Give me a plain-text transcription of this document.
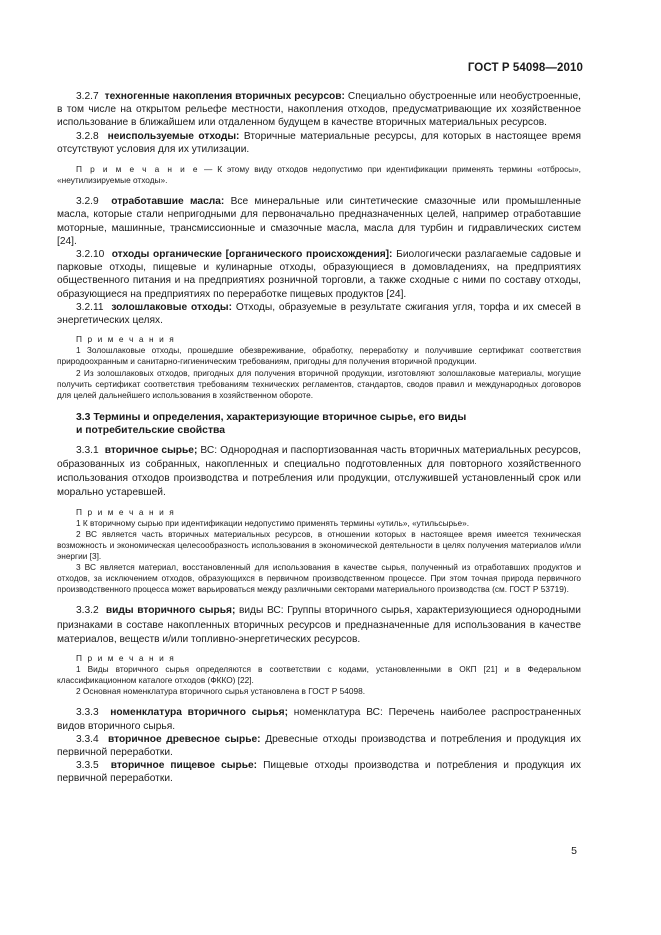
ГОСТ Р 54098—2010

3.2.7 техногенные накопления вторичных ресурсов: Специально обустроенные или необустроенные, в том числе на открытом рельефе местности, накопления отходов, предусматривающие их хозяйственное использование в ближайшем или отдаленном будущем в качестве вторичных материальных ресурсов.

3.2.8 неиспользуемые отходы: Вторичные материальные ресурсы, для которых в настоящее время отсутствуют условия для их утилизации.

П р и м е ч а н и е — К этому виду отходов недопустимо при идентификации применять термины «отбросы», «неутилизируемые отходы».

3.2.9 отработавшие масла: Все минеральные или синтетические смазочные или промышленные масла, которые стали непригодными для первоначально предназначенных целей, например отработавшие моторные, машинные, трансмиссионные и смазочные масла, масла для турбин и гидравлических систем [24].

3.2.10 отходы органические [органического происхождения]: Биологически разлагаемые садовые и парковые отходы, пищевые и кулинарные отходы, образующиеся в домовладениях, на предприятиях общественного питания и на предприятиях розничной торговли, а также сходные с ними по составу отходы, образующиеся на предприятиях по переработке пищевых продуктов [24].

3.2.11 золошлаковые отходы: Отходы, образуемые в результате сжигания угля, торфа и их смесей в энергетических целях.

П р и м е ч а н и я

1 Золошлаковые отходы, прошедшие обезвреживание, обработку, переработку и получившие сертификат соответствия природоохранным и санитарно-гигиеническим требованиям, пригодны для получения вторичной продукции.

2 Из золошлаковых отходов, пригодных для получения вторичной продукции, изготовляют золошлаковые материалы, могущие получить сертификат соответствия требованиям технических регламентов, стандартов, сводов правил и международных договоров для целей дальнейшего использования в хозяйственном обороте.

3.3 Термины и определения, характеризующие вторичное сырье, его виды
и потребительские свойства

3.3.1 вторичное сырье; ВС: Однородная и паспортизованная часть вторичных материальных ресурсов, образованных из собранных, накопленных и специально подготовленных для повторного хозяйственного использования отходов производства и потребления или продукции, отслужившей установленный срок или морально устаревшей.

П р и м е ч а н и я

1 К вторичному сырью при идентификации недопустимо применять термины «утиль», «утильсырье».

2 ВС является часть вторичных материальных ресурсов, в отношении которых в настоящее время имеется техническая возможность и экономическая целесообразность использования в экономической деятельности в целях получения материалов и/или энергии [3].

3 ВС является материал, восстановленный для использования в качестве сырья, полученный из отработавших продуктов и отходов, за исключением отходов, образующихся в первичном производственном процессе. При этом точная природа первичного производственного процесса может варьироваться между различными секторами материального производства (см. ГОСТ Р 53719).

3.3.2 виды вторичного сырья; виды ВС: Группы вторичного сырья, характеризующиеся однородными признаками в составе накопленных вторичных ресурсов и предназначенные для использования в качестве материалов, веществ и/или топливно-энергетических ресурсов.

П р и м е ч а н и я

1 Виды вторичного сырья определяются в соответствии с кодами, установленными в ОКП [21] и в Федеральном классификационном каталоге отходов (ФККО) [22].

2 Основная номенклатура вторичного сырья установлена в ГОСТ Р 54098.

3.3.3 номенклатура вторичного сырья; номенклатура ВС: Перечень наиболее распространенных видов вторичного сырья.

3.3.4 вторичное древесное сырье: Древесные отходы производства и потребления и продукция их первичной переработки.

3.3.5 вторичное пищевое сырье: Пищевые отходы производства и потребления и продукция их первичной переработки.

5
